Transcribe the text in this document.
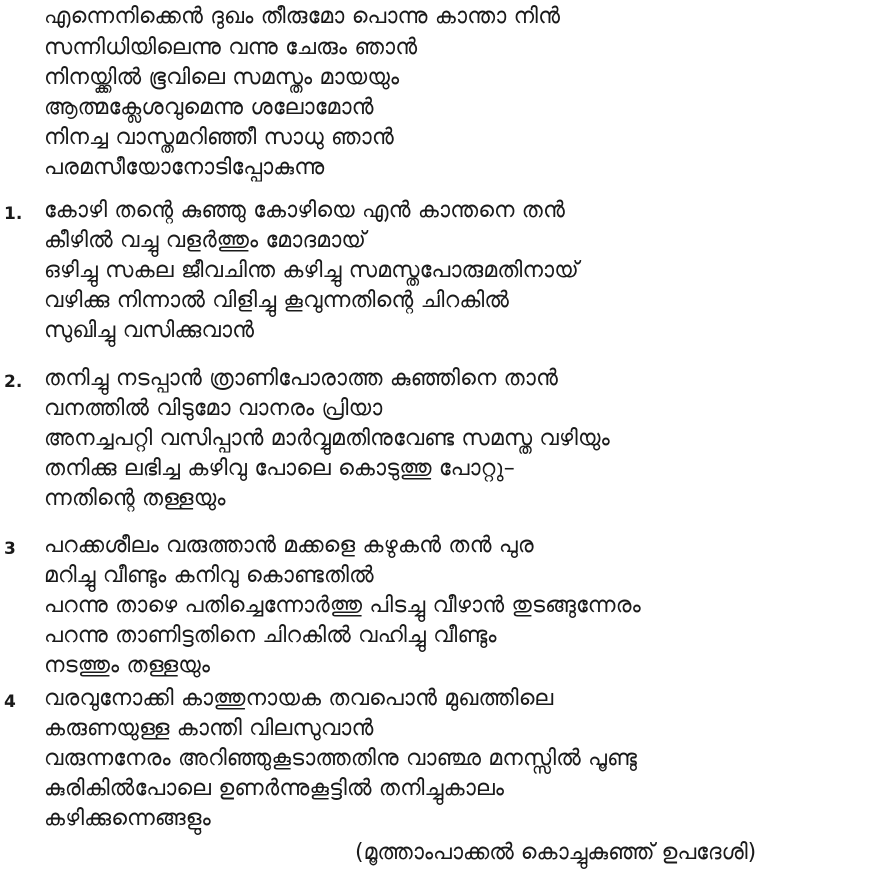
എന്നെനിക്കെൻ ദുഖം തീരുമോ പൊന്നു കാന്താ നിൻ
സന്നിധിയിലെന്നു വന്നു ചേരും ഞാൻ
നിനയ്ക്കിൽ ഭൂവിലെ സമസ്തം മായയും
ആത്മക്ലേശവുമെന്നു ശലോമോൻ
നിനച്ച വാസ്തമറിഞ്ഞീ സാധു ഞാൻ
പരമസീയോനോടിപ്പോകുന്നു
1. കോഴി തന്റെ കുഞ്ഞു കോഴിയെ എൻ കാന്തനെ തൻ
കീഴിൽ വച്ചു വളർത്തും മോദമായ്
ഒഴിച്ചു സകല ജീവചിന്ത കഴിച്ചു സമസ്തപോരുമതിനായ്
വഴിക്കു നിന്നാൽ വിളിച്ചു കൂവുന്നതിന്റെ ചിറകിൽ
സുഖിച്ചു വസിക്കുവാൻ
2. തനിച്ചു നടപ്പാൻ ത്രാണിപോരാത്ത കുഞ്ഞിനെ താൻ
വനത്തിൽ വിടുമോ വാനരം പ്രിയാ
അനച്ചപറ്റി വസിപ്പാൻ മാർവ്വുമതിനുവേണ്ട സമസ്ത വഴിയും
തനിക്കു ലഭിച്ച കഴിവു പോലെ കൊടുത്തു പോറ്റു–
ന്നതിന്റെ തള്ളയും
3 പറക്കശീലം വരുത്താൻ മക്കളെ കഴുകൻ തൻ പുര
മറിച്ചു വീണ്ടും കനിവു കൊണ്ടതിൽ
പറന്നു താഴെ പതിച്ചെന്നോർത്തു പിടച്ചു വീഴാൻ തുടങ്ങുന്നേരം
പറന്നു താണിട്ടതിനെ ചിറകിൽ വഹിച്ചു വീണ്ടും
നടത്തും തള്ളയും
4 വരവുനോക്കി കാത്തുനായക തവപൊൻ മുഖത്തിലെ
കരുണയുള്ള കാന്തി വിലസുവാൻ
വരുന്നനേരം അറിഞ്ഞുകൂടാത്തതിനു വാഞ്ഛ മനസ്സിൽ പൂണ്ടു
കുരികിൽപോലെ ഉണർന്നുകൂട്ടിൽ തനിച്ചുകാലം
കഴിക്കുന്നെങ്ങളും
(മൂത്താംപാക്കൽ കൊച്ചുകുഞ്ഞ് ഉപദേശി)
